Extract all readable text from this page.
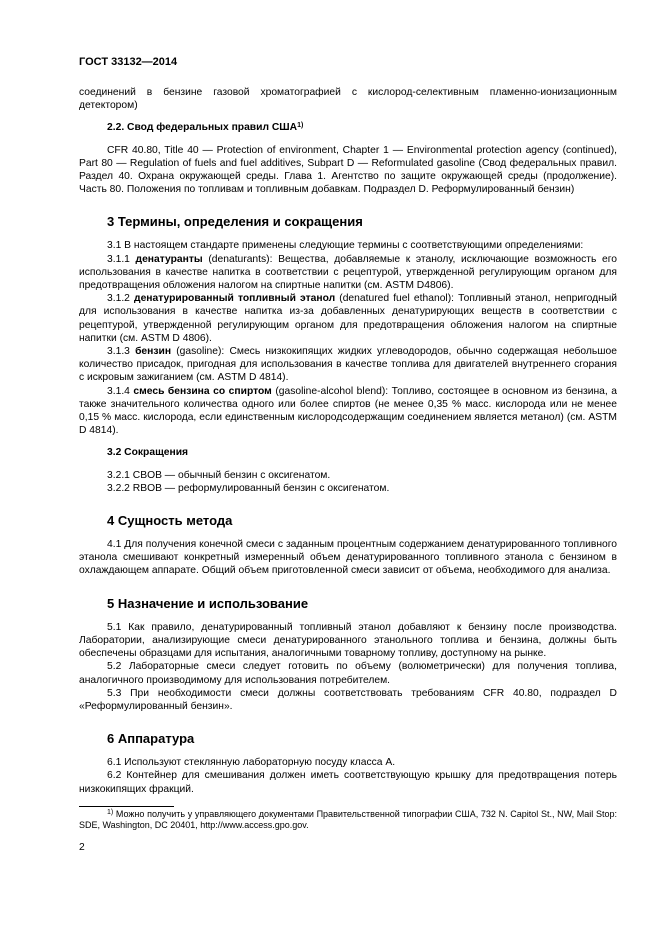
ГОСТ 33132—2014

соединений в бензине газовой хроматографией с кислород-селективным пламенно-ионизационным детектором)

2.2. Свод федеральных правил США$^{1)}$

CFR 40.80, Title 40 — Protection of environment, Chapter 1 — Environmental protection agency (continued), Part 80 — Regulation of fuels and fuel additives, Subpart D — Reformulated gasoline (Свод федеральных правил. Раздел 40. Охрана окружающей среды. Глава 1. Агентство по защите окружающей среды (продолжение). Часть 80. Положения по топливам и топливным добавкам. Подраздел D. Реформулированный бензин)

3 Термины, определения и сокращения

3.1 В настоящем стандарте применены следующие термины с соответствующими определениями:

3.1.1 денатуранты (denaturants): Вещества, добавляемые к этанолу, исключающие возможность его использования в качестве напитка в соответствии с рецептурой, утвержденной регулирующим органом для предотвращения обложения налогом на спиртные напитки (см. ASTM D4806).

3.1.2 денатурированный топливный этанол (denatured fuel ethanol): Топливный этанол, непригодный для использования в качестве напитка из-за добавленных денатурирующих веществ в соответствии с рецептурой, утвержденной регулирующим органом для предотвращения обложения налогом на спиртные напитки (см. ASTM D 4806).

3.1.3 бензин (gasoline): Смесь низкокипящих жидких углеводородов, обычно содержащая небольшое количество присадок, пригодная для использования в качестве топлива для двигателей внутреннего сгорания с искровым зажиганием (см. ASTM D 4814).

3.1.4 смесь бензина со спиртом (gasoline-alcohol blend): Топливо, состоящее в основном из бензина, а также значительного количества одного или более спиртов (не менее 0,35 % масс. кислорода или не менее 0,15 % масс. кислорода, если единственным кислородсодержащим соединением является метанол) (см. ASTM D 4814).

3.2 Сокращения

3.2.1 CBOB — обычный бензин с оксигенатом.

3.2.2 RBOB — реформулированный бензин с оксигенатом.

4 Сущность метода

4.1 Для получения конечной смеси с заданным процентным содержанием денатурированного топливного этанола смешивают конкретный измеренный объем денатурированного топливного этанола с бензином в охлаждающем аппарате. Общий объем приготовленной смеси зависит от объема, необходимого для анализа.

5 Назначение и использование

5.1 Как правило, денатурированный топливный этанол добавляют к бензину после производства. Лаборатории, анализирующие смеси денатурированного этанольного топлива и бензина, должны быть обеспечены образцами для испытания, аналогичными товарному топливу, доступному на рынке.

5.2 Лабораторные смеси следует готовить по объему (волюметрически) для получения топлива, аналогичного производимому для использования потребителем.

5.3 При необходимости смеси должны соответствовать требованиям CFR 40.80, подраздел D «Реформулированный бензин».

6 Аппаратура

6.1 Используют стеклянную лабораторную посуду класса А.

6.2 Контейнер для смешивания должен иметь соответствующую крышку для предотвращения потерь низкокипящих фракций.

$^{1)}$ Можно получить у управляющего документами Правительственной типографии США, 732 N. Capitol St., NW, Mail Stop: SDE, Washington, DC 20401, http://www.access.gpo.gov.

2
